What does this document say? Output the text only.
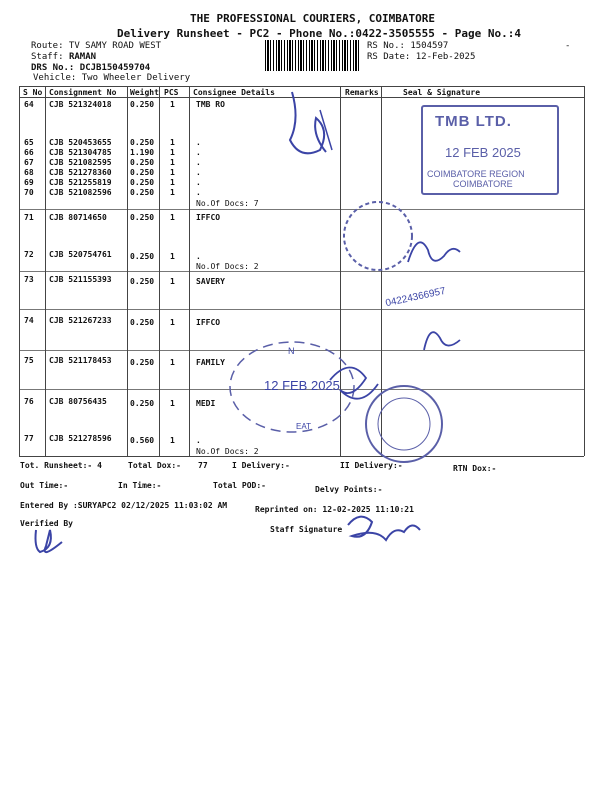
THE PROFESSIONAL COURIERS, COIMBATORE
Delivery Runsheet - PC2 - Phone No.:0422-3505555 - Page No.:4
Route: TV SAMY ROAD WEST
Staff: RAMAN
DRS No.: DCJB150459704
Vehicle: Two Wheeler Delivery
RS No.: 1504597
RS Date: 12-Feb-2025
-
S No Consignment No Weight PCS Consignee Details	Remarks	Seal & Signature
64 CJB 521324018 0.250 1	TMB RO
65 CJB 520453655 0.250 1	.
66 CJB 521304785 1.190 1	.
67 CJB 521082595 0.250 1	.
68 CJB 521278360 0.250 1	.
69 CJB 521255819 0.250 1	.
70 CJB 521082596 0.250 1	.
No.Of Docs: 7
71 CJB 80714650	0.250 1	IFFCO
72 CJB 520754761 0.250 1	.
No.Of Docs: 2
73 CJB 521155393 0.250 1	SAVERY
74 CJB 521267233 0.250 1	IFFCO
75 CJB 521178453 0.250 1	FAMILY
76 CJB 80756435	0.250 1	MEDI
77 CJB 521278596 0.560 1	.
No.Of Docs: 2
TMB LTD.
12 FEB 2025
COIMBATORE REGION
COIMBATORE
12 FEB 2025
N
EAT
04224366957
Tot. Runsheet:- 4	Total Dox:- 77	I Delivery:-	II Delivery:-	RTN Dox:-
Out Time:-	In Time:-	Total POD:-	Delvy Points:-
Entered By :SURYAPC2 02/12/2025 11:03:02 AM	Reprinted on: 12-02-2025 11:10:21
Verified By
Staff Signature
